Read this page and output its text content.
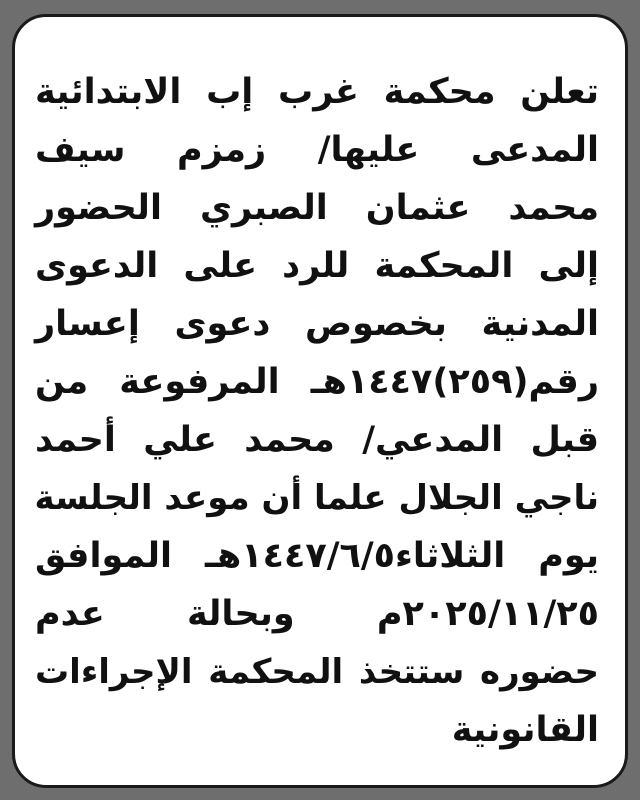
تعلن محكمة غرب إب الابتدائية
المدعى عليها/ زمزم سيف
محمد عثمان الصبري الحضور
إلى المحكمة للرد على الدعوى
المدنية بخصوص دعوى إعسار
رقم(٢٥٩)١٤٤٧هـ المرفوعة من
قبل المدعي/ محمد علي أحمد
ناجي الجلال علما أن موعد الجلسة
يوم الثلاثاء١٤٤٧/٦/٥هـ الموافق
٢٠٢٥/١١/٢٥م وبحالة عدم
حضوره ستتخذ المحكمة الإجراءات
القانونية
